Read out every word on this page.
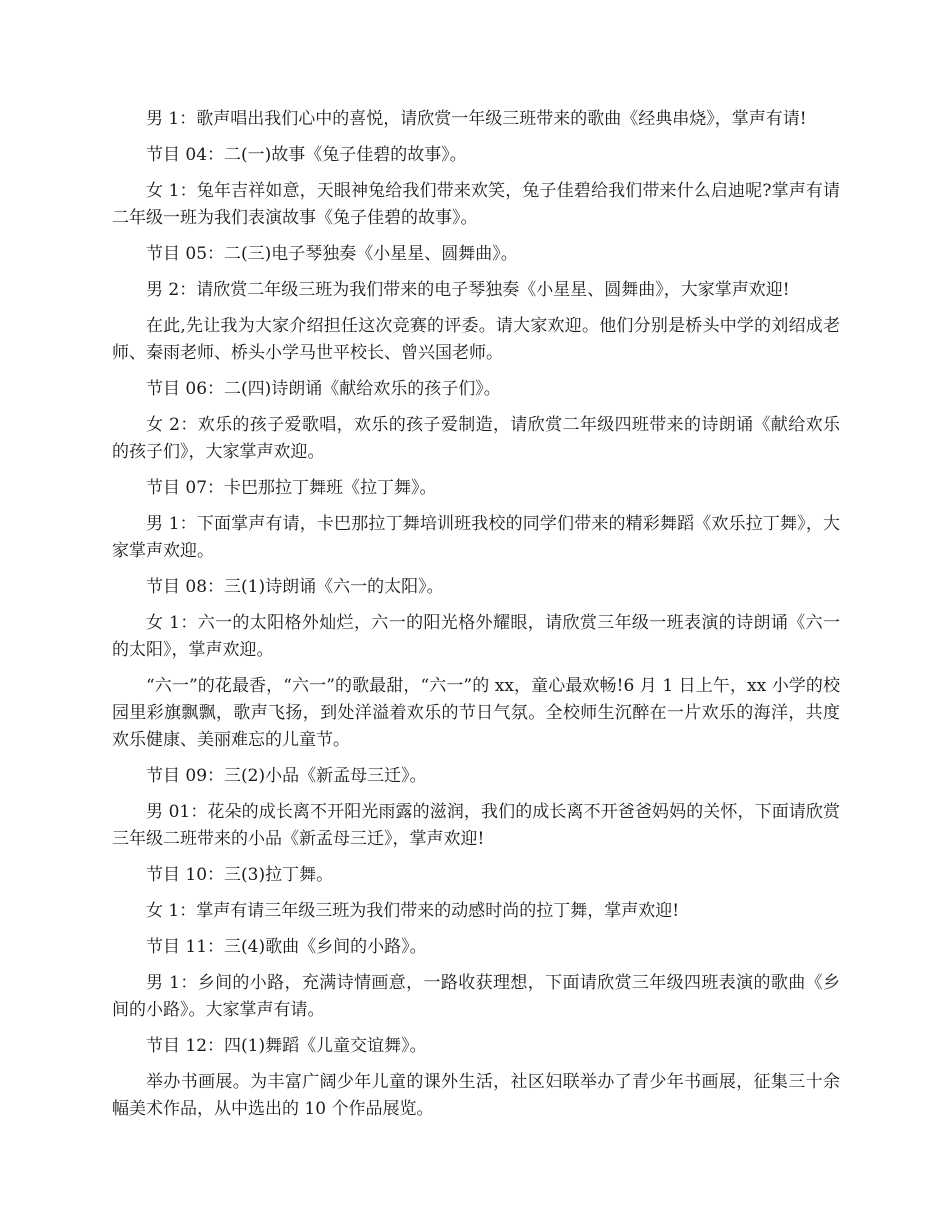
男 1：歌声唱出我们心中的喜悦，请欣赏一年级三班带来的歌曲《经典串烧》，掌声有请!

节目 04：二(一)故事《兔子佳碧的故事》。

女 1：兔年吉祥如意，天眼神兔给我们带来欢笑，兔子佳碧给我们带来什么启迪呢?掌声有请二年级一班为我们表演故事《兔子佳碧的故事》。

节目 05：二(三)电子琴独奏《小星星、圆舞曲》。

男 2：请欣赏二年级三班为我们带来的电子琴独奏《小星星、圆舞曲》，大家掌声欢迎!

在此,先让我为大家介绍担任这次竞赛的评委。请大家欢迎。他们分别是桥头中学的刘绍成老师、秦雨老师、桥头小学马世平校长、曾兴国老师。

节目 06：二(四)诗朗诵《献给欢乐的孩子们》。

女 2：欢乐的孩子爱歌唱，欢乐的孩子爱制造，请欣赏二年级四班带来的诗朗诵《献给欢乐的孩子们》，大家掌声欢迎。

节目 07：卡巴那拉丁舞班《拉丁舞》。

男 1：下面掌声有请，卡巴那拉丁舞培训班我校的同学们带来的精彩舞蹈《欢乐拉丁舞》，大家掌声欢迎。

节目 08：三(1)诗朗诵《六一的太阳》。

女 1：六一的太阳格外灿烂，六一的阳光格外耀眼，请欣赏三年级一班表演的诗朗诵《六一的太阳》，掌声欢迎。

“六一”的花最香，“六一”的歌最甜，“六一”的 xx，童心最欢畅!6 月 1 日上午，xx 小学的校园里彩旗飘飘，歌声飞扬，到处洋溢着欢乐的节日气氛。全校师生沉醉在一片欢乐的海洋，共度欢乐健康、美丽难忘的儿童节。

节目 09：三(2)小品《新孟母三迁》。

男 01：花朵的成长离不开阳光雨露的滋润，我们的成长离不开爸爸妈妈的关怀，下面请欣赏三年级二班带来的小品《新孟母三迁》，掌声欢迎!

节目 10：三(3)拉丁舞。

女 1：掌声有请三年级三班为我们带来的动感时尚的拉丁舞，掌声欢迎!

节目 11：三(4)歌曲《乡间的小路》。

男 1：乡间的小路，充满诗情画意，一路收获理想，下面请欣赏三年级四班表演的歌曲《乡间的小路》。大家掌声有请。

节目 12：四(1)舞蹈《儿童交谊舞》。

举办书画展。为丰富广阔少年儿童的课外生活，社区妇联举办了青少年书画展，征集三十余幅美术作品，从中选出的 10 个作品展览。
